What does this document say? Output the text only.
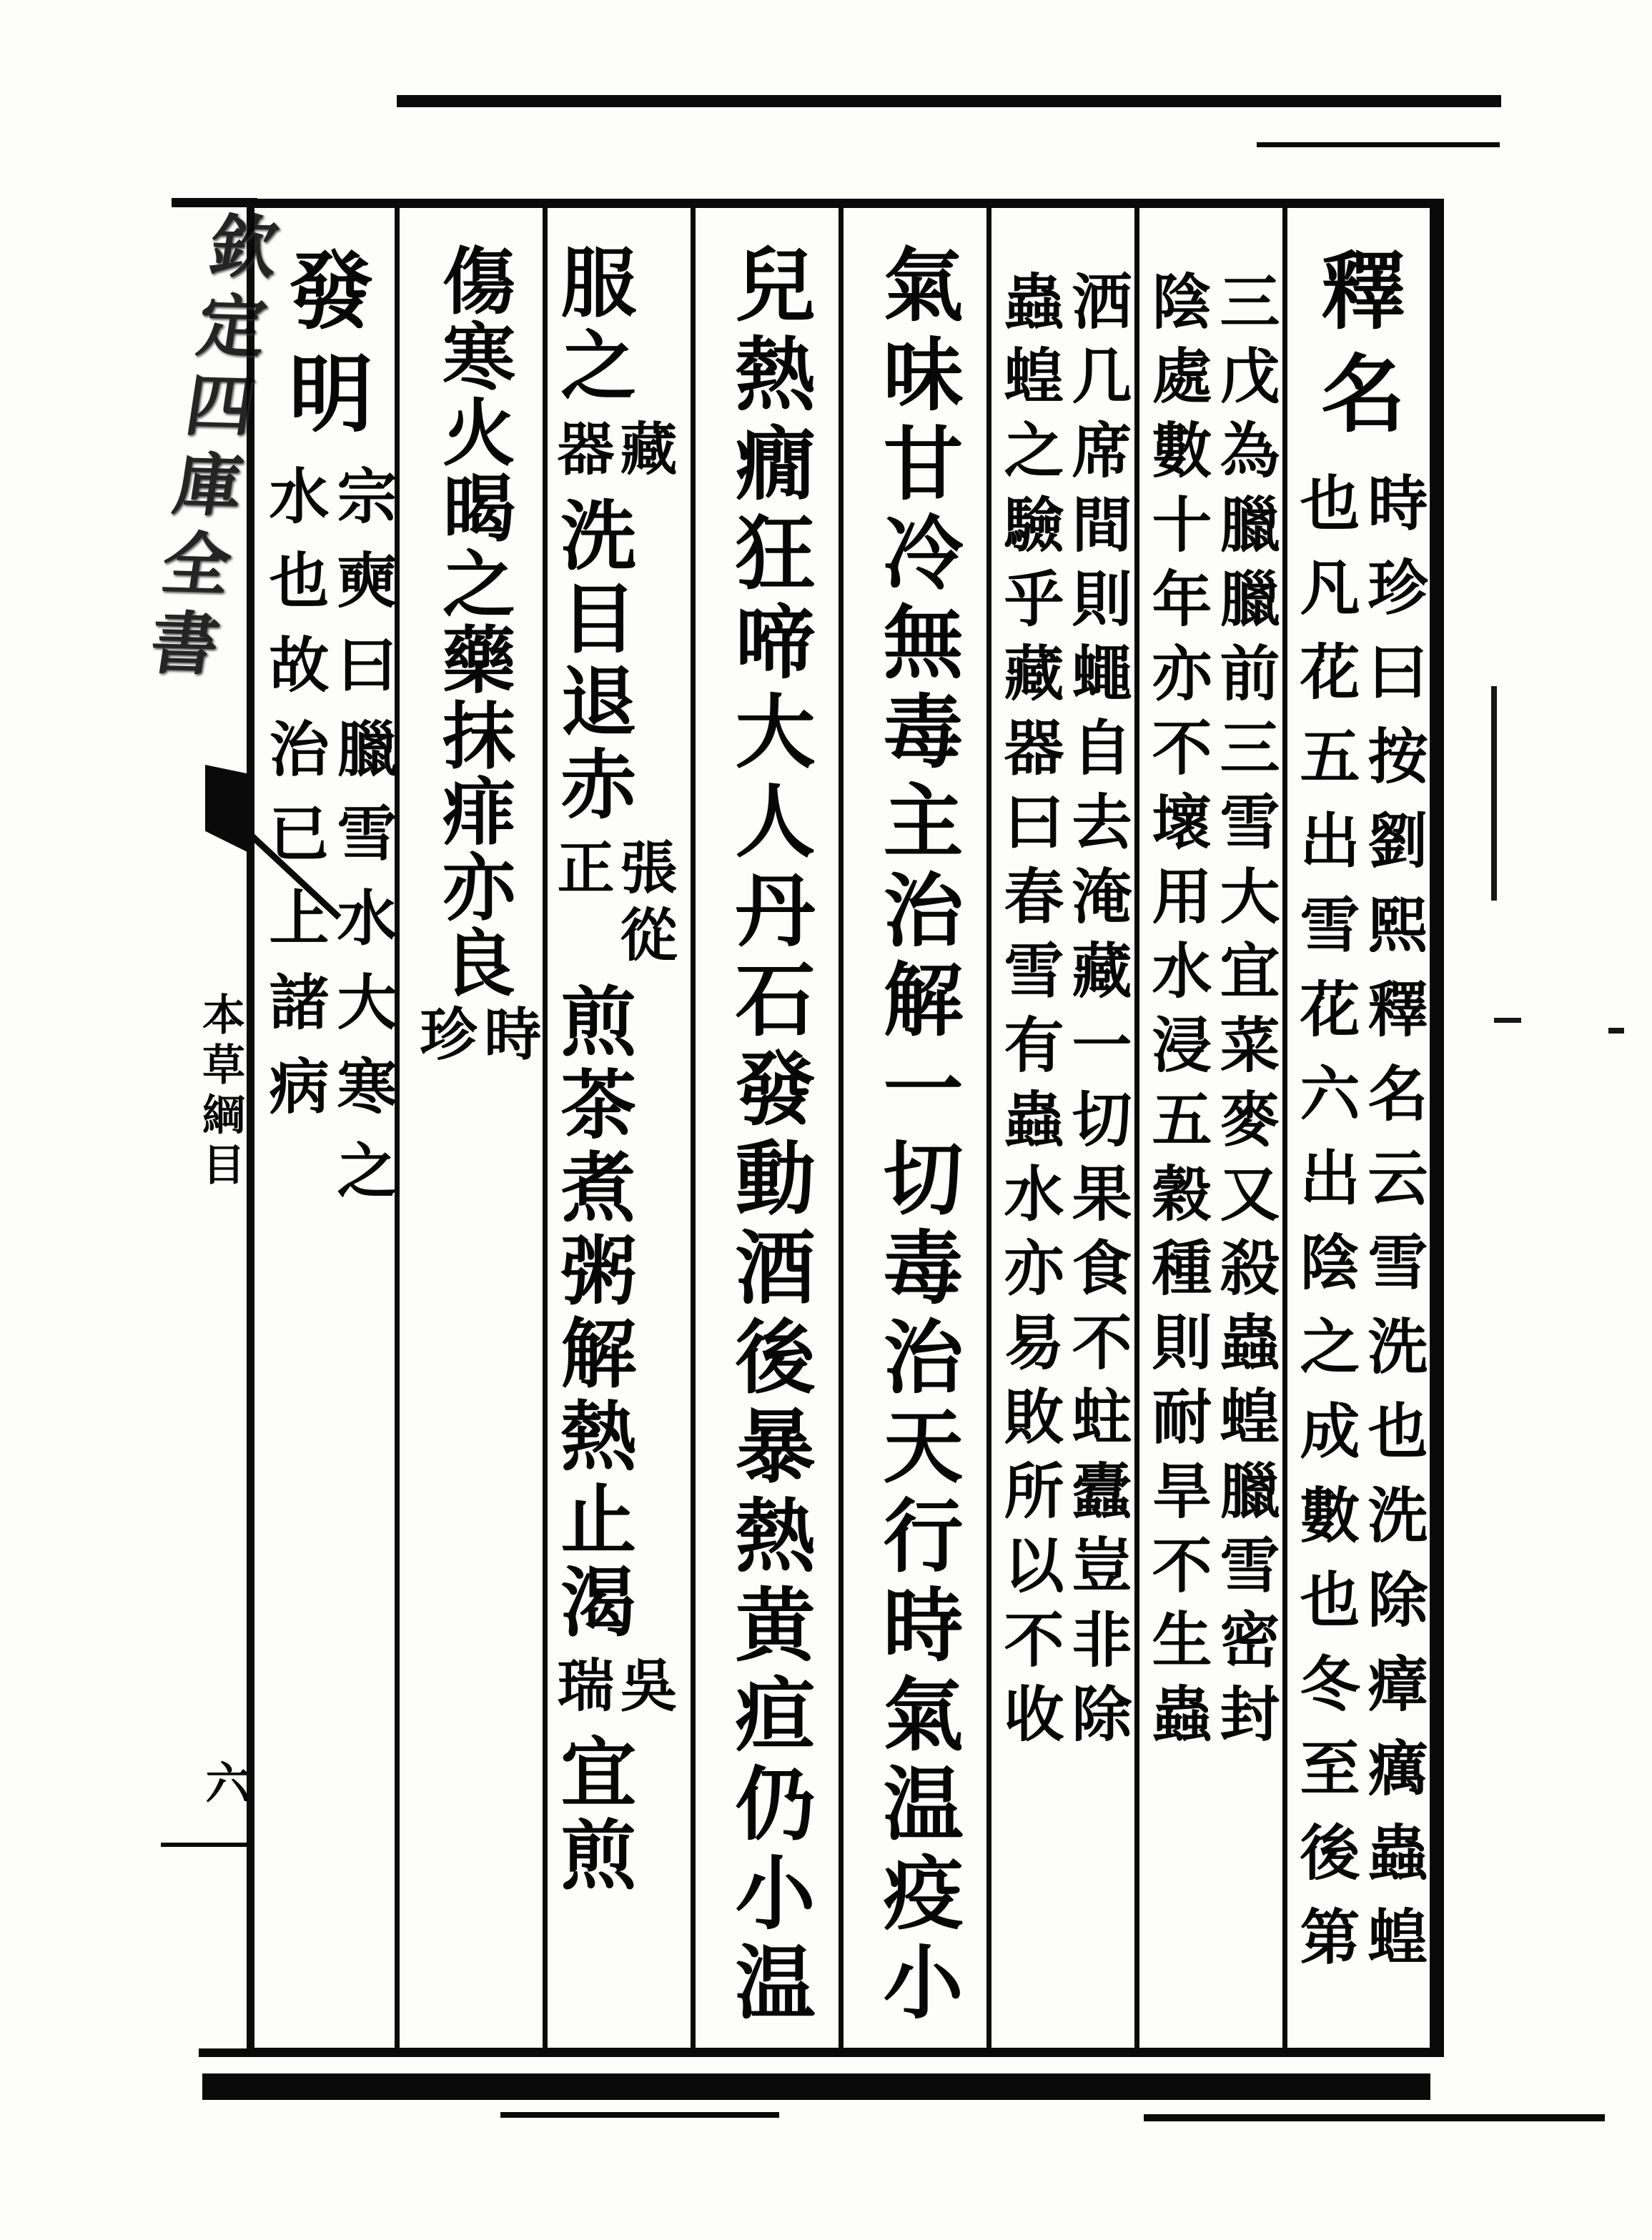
欽定四庫全書
本草綱目
六
釋名
時珍曰按劉熙釋名云雪洗也洗除瘴癘蟲蝗
也凡花五出雪花六出陰之成數也冬至後第
三戊為臘臘前三雪大宜菜麥又殺蟲蝗臘雪密封
陰處數十年亦不壞用水浸五穀種則耐旱不生蟲
洒几席間則蠅自去淹藏一切果食不蛀蠹豈非除
蟲蝗之驗乎藏器曰春雪有蟲水亦易敗所以不收
氣味甘冷無毒主治解一切毒治天行時氣温疫小
兒熱癇狂啼大人丹石發動酒後暴熱黄疸仍小温
服之
藏
器
洗目退赤
張從
正
煎茶煮粥解熱止渴
吳
瑞
宜煎
傷寒火暍之藥抹痱亦良
時
珍
發明
宗奭曰臘雪水大寒之
水也故治已上諸病
